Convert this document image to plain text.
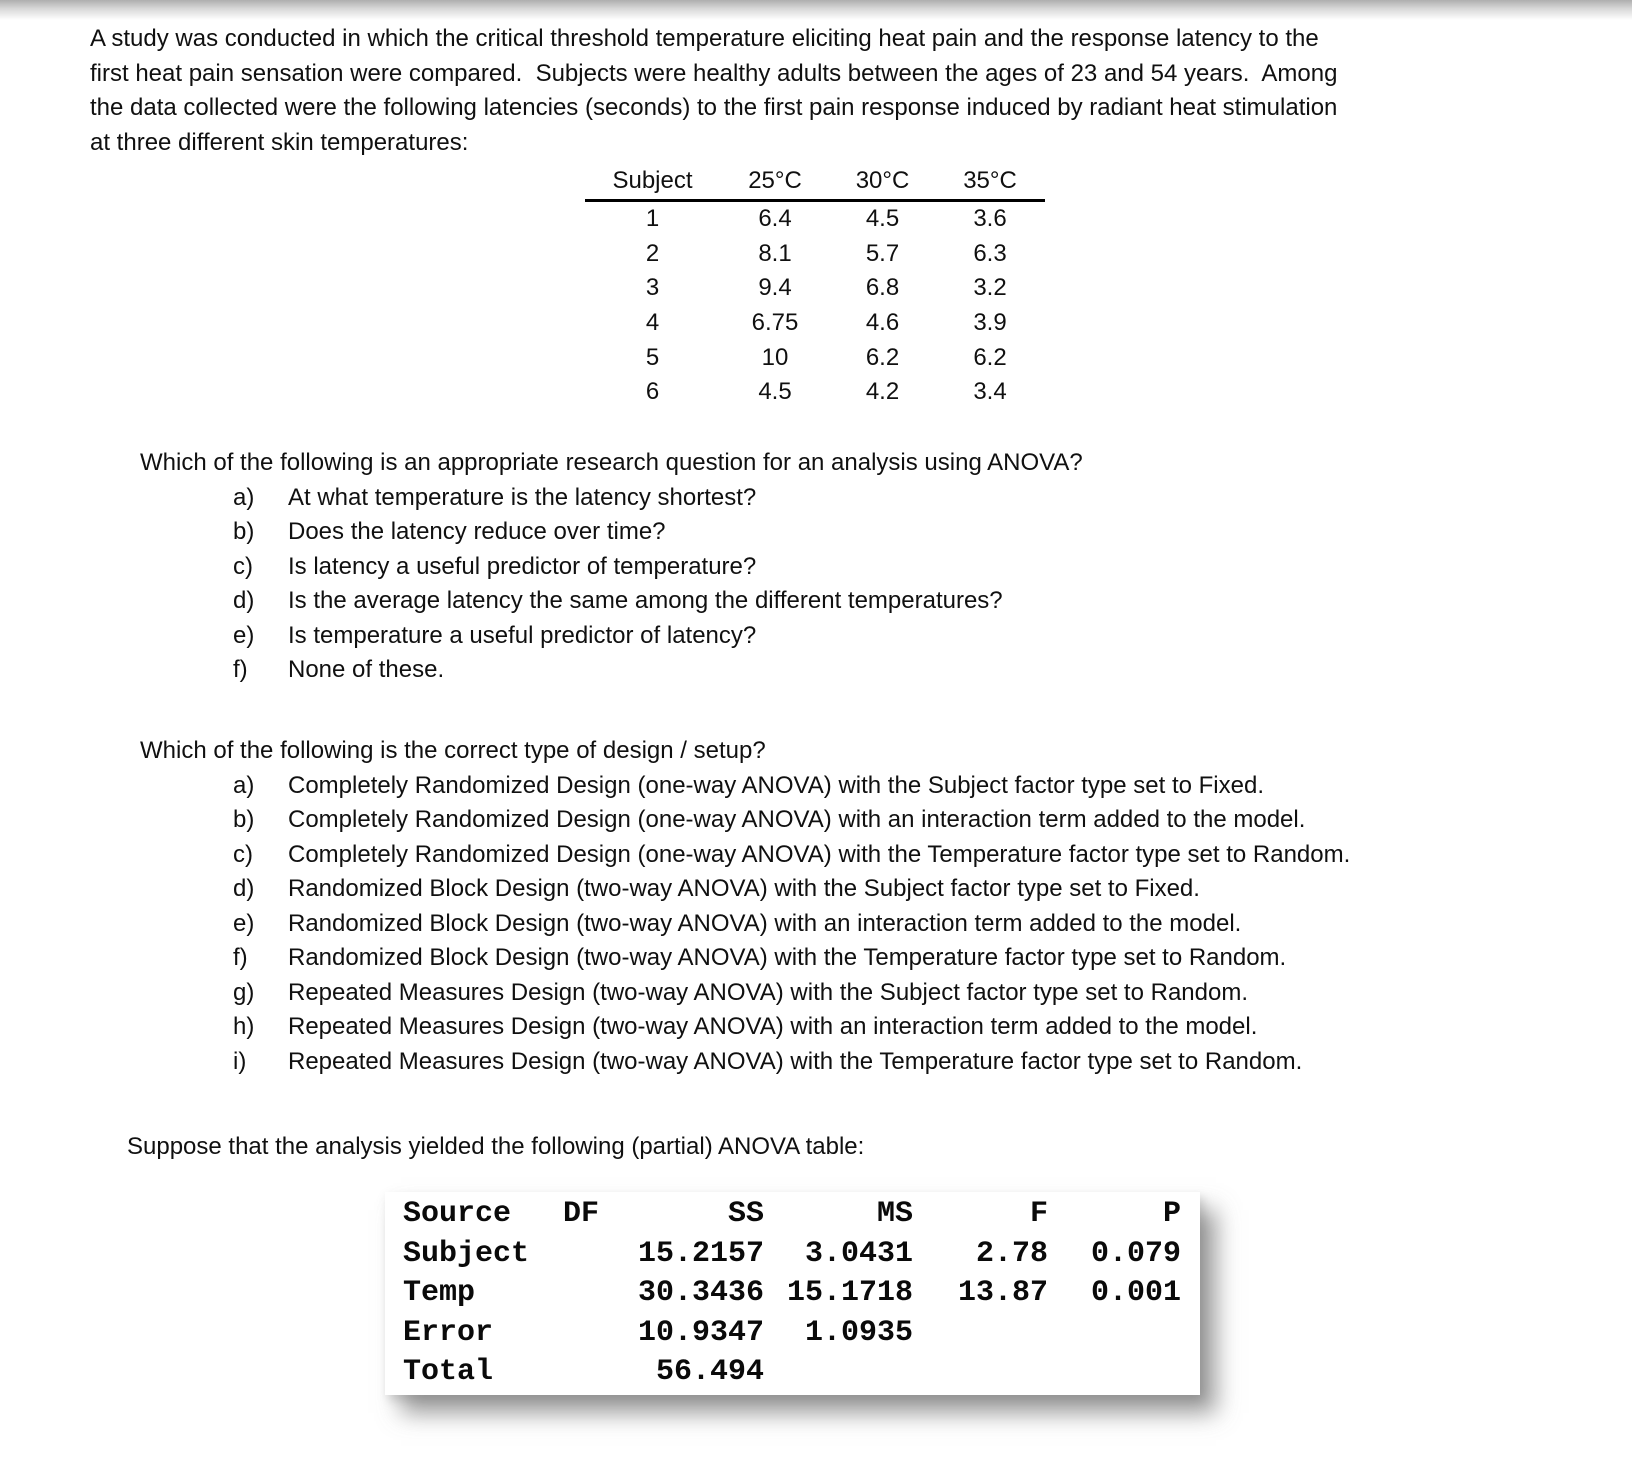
A study was conducted in which the critical threshold temperature eliciting heat pain and the response latency to the
first heat pain sensation were compared.  Subjects were healthy adults between the ages of 23 and 54 years.  Among
the data collected were the following latencies (seconds) to the first pain response induced by radiant heat stimulation
at three different skin temperatures:
Subject	25°C	30°C	35°C
1	6.4	4.5	3.6
2	8.1	5.7	6.3
3	9.4	6.8	3.2
4	6.75	4.6	3.9
5	10	6.2	6.2
6	4.5	4.2	3.4
Which of the following is an appropriate research question for an analysis using ANOVA?
a)	At what temperature is the latency shortest?
b)	Does the latency reduce over time?
c)	Is latency a useful predictor of temperature?
d)	Is the average latency the same among the different temperatures?
e)	Is temperature a useful predictor of latency?
f)	None of these.
Which of the following is the correct type of design / setup?
a)	Completely Randomized Design (one-way ANOVA) with the Subject factor type set to Fixed.
b)	Completely Randomized Design (one-way ANOVA) with an interaction term added to the model.
c)	Completely Randomized Design (one-way ANOVA) with the Temperature factor type set to Random.
d)	Randomized Block Design (two-way ANOVA) with the Subject factor type set to Fixed.
e)	Randomized Block Design (two-way ANOVA) with an interaction term added to the model.
f)	Randomized Block Design (two-way ANOVA) with the Temperature factor type set to Random.
g)	Repeated Measures Design (two-way ANOVA) with the Subject factor type set to Random.
h)	Repeated Measures Design (two-way ANOVA) with an interaction term added to the model.
i)	Repeated Measures Design (two-way ANOVA) with the Temperature factor type set to Random.
Suppose that the analysis yielded the following (partial) ANOVA table:
Source	DF	SS	MS	F	P
Subject		15.2157	3.0431	2.78	0.079
Temp		30.3436	15.1718	13.87	0.001
Error		10.9347	1.0935		
Total		56.494			
